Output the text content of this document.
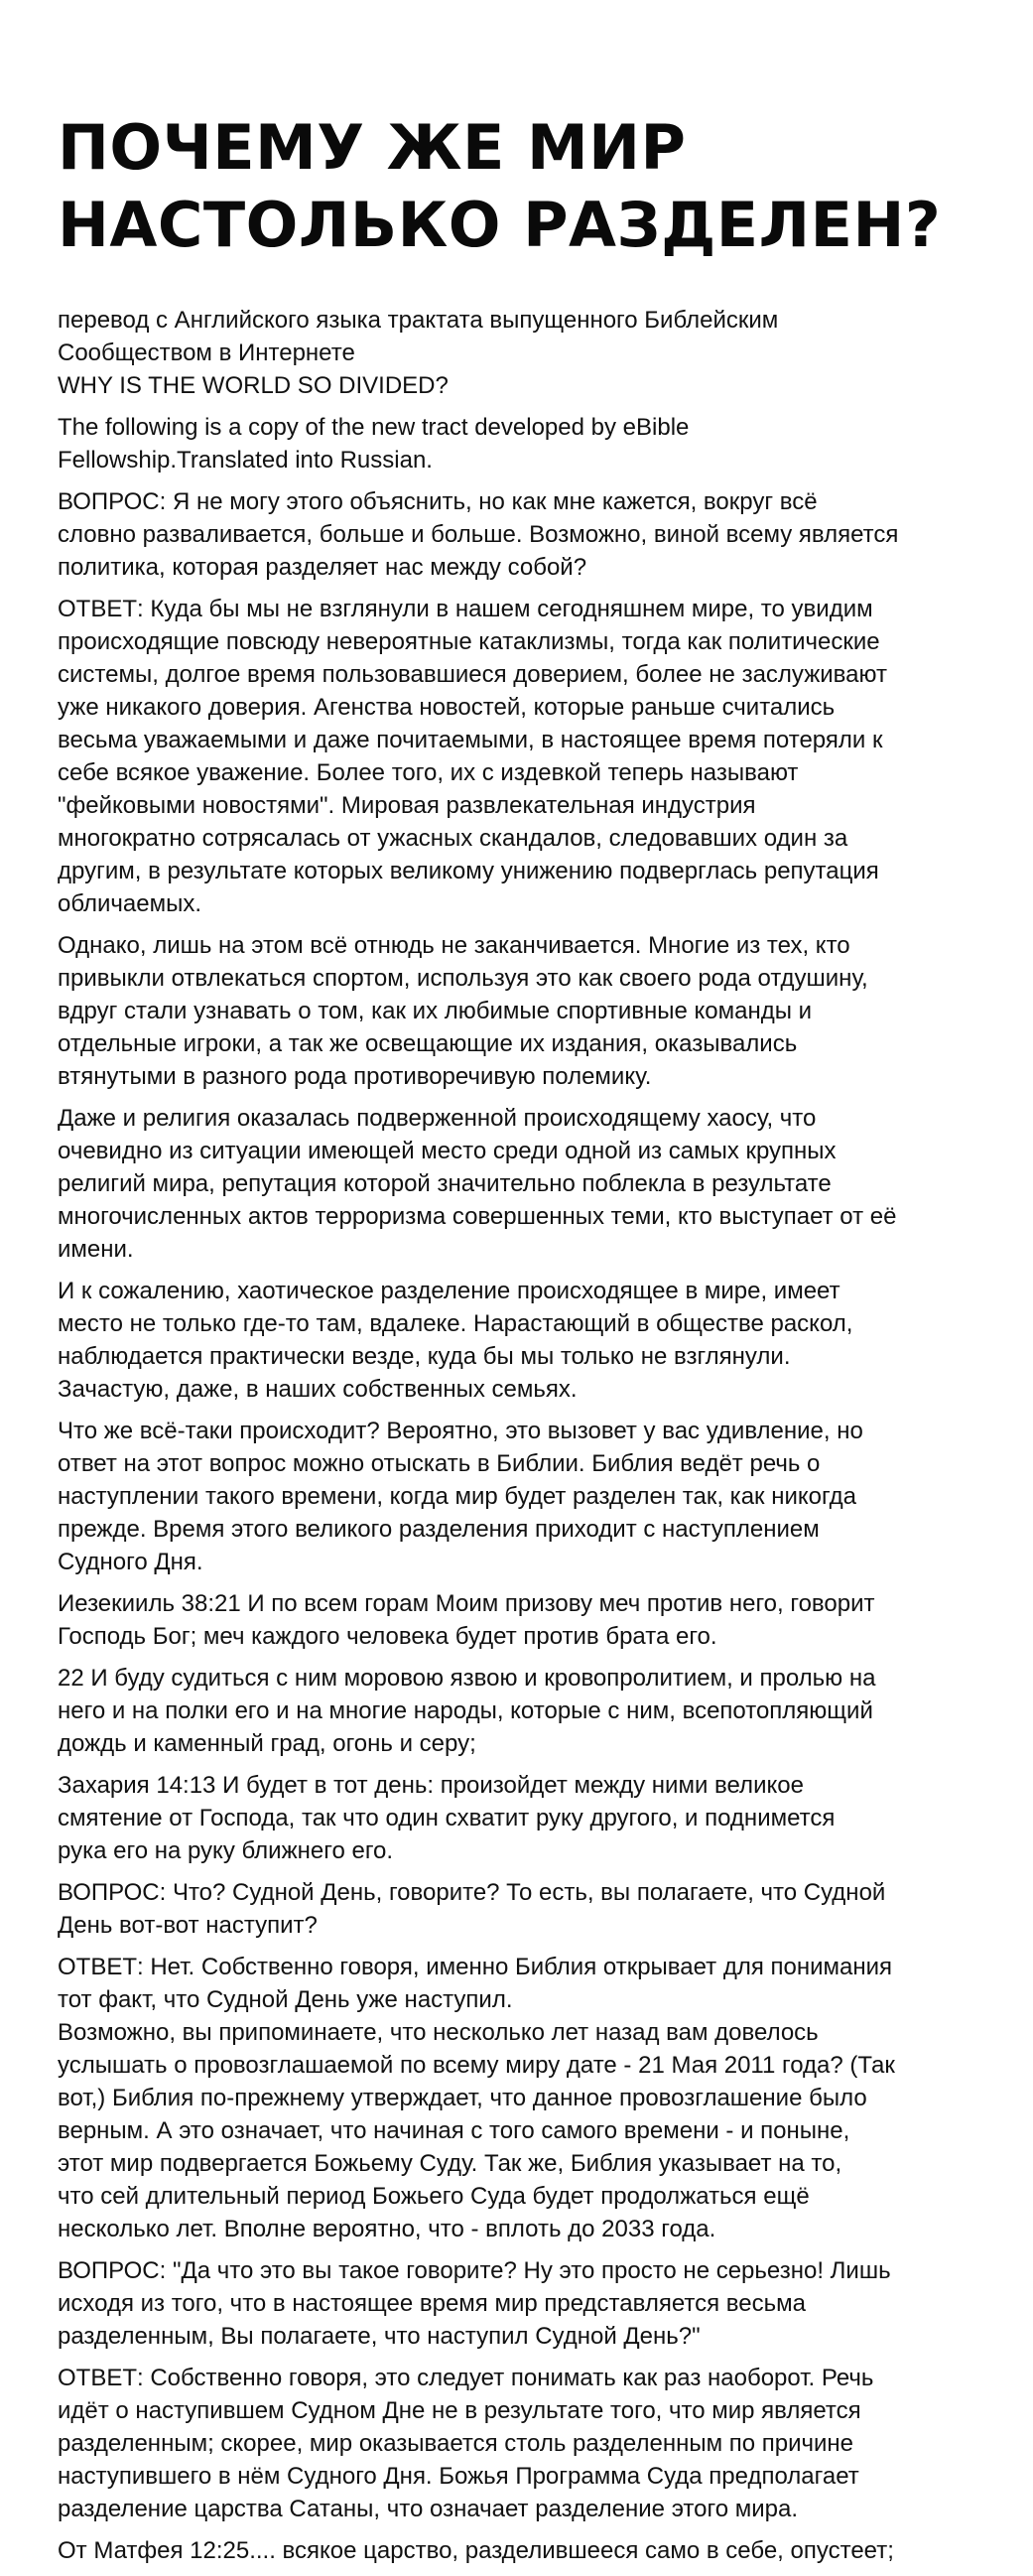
ПОЧЕМУ ЖЕ МИР
НАСТОЛЬКО РАЗДЕЛЕН?

перевод с Английского языка трактата выпущенного Библейским
Сообществом в Интернете
WHY IS THE WORLD SO DIVIDED?

The following is a copy of the new tract developed by eBible
Fellowship.Translated into Russian.

ВОПРОС: Я не могу этого объяснить, но как мне кажется, вокруг всё
словно разваливается, больше и больше. Возможно, виной всему является
политика, которая разделяет нас между собой?

ОТВЕТ: Куда бы мы не взглянули в нашем сегодняшнем мире, то увидим
происходящие повсюду невероятные катаклизмы, тогда как политические
системы, долгое время пользовавшиеся доверием, более не заслуживают
уже никакого доверия. Агенства новостей, которые раньше считались
весьма уважаемыми и даже почитаемыми, в настоящее время потеряли к
себе всякое уважение. Более того, их с издевкой теперь называют
"фейковыми новостями". Мировая развлекательная индустрия
многократно сотрясалась от ужасных скандалов, следовавших один за
другим, в результате которых великому унижению подверглась репутация
обличаемых.

Однако, лишь на этом всё отнюдь не заканчивается. Многие из тех, кто
привыкли отвлекаться спортом, используя это как своего рода отдушину,
вдруг стали узнавать о том, как их любимые спортивные команды и
отдельные игроки, а так же освещающие их издания, оказывались
втянутыми в разного рода противоречивую полемику.

Даже и религия оказалась подверженной происходящему хаосу, что
очевидно из ситуации имеющей место среди одной из самых крупных
религий мира, репутация которой значительно поблекла в результате
многочисленных актов терроризма совершенных теми, кто выступает от её
имени.

И к сожалению, хаотическое разделение происходящее в мире, имеет
место не только где-то там, вдалеке. Нарастающий в обществе раскол,
наблюдается практически везде, куда бы мы только не взглянули.
Зачастую, даже, в наших собственных семьях.

Что же всё-таки происходит? Вероятно, это вызовет у вас удивление, но
ответ на этот вопрос можно отыскать в Библии. Библия ведёт речь о
наступлении такого времени, когда мир будет разделен так, как никогда
прежде. Время этого великого разделения приходит с наступлением
Судного Дня.

Иезекииль 38:21 И по всем горам Моим призову меч против него, говорит
Господь Бог; меч каждого человека будет против брата его.

22 И буду судиться с ним моровою язвою и кровопролитием, и пролью на
него и на полки его и на многие народы, которые с ним, всепотопляющий
дождь и каменный град, огонь и серу;

Захария 14:13 И будет в тот день: произойдет между ними великое
смятение от Господа, так что один схватит руку другого, и поднимется
рука его на руку ближнего его.

ВОПРОС: Что? Судной День, говорите? То есть, вы полагаете, что Судной
День вот-вот наступит?

ОТВЕТ: Нет. Собственно говоря, именно Библия открывает для понимания
тот факт, что Судной День уже наступил.
Возможно, вы припоминаете, что несколько лет назад вам довелось
услышать о провозглашаемой по всему миру дате - 21 Мая 2011 года? (Так
вот,) Библия по-прежнему утверждает, что данное провозглашение было
верным. А это означает, что начиная с того самого времени - и поныне,
этот мир подвергается Божьему Суду. Так же, Библия указывает на то,
что сей длительный период Божьего Суда будет продолжаться ещё
несколько лет. Вполне вероятно, что - вплоть до 2033 года.

ВОПРОС: "Да что это вы такое говорите? Ну это просто не серьезно! Лишь
исходя из того, что в настоящее время мир представляется весьма
разделенным, Вы полагаете, что наступил Судной День?"

ОТВЕТ: Собственно говоря, это следует понимать как раз наоборот. Речь
идёт о наступившем Судном Дне не в результате того, что мир является
разделенным; скорее, мир оказывается столь разделенным по причине
наступившего в нём Судного Дня. Божья Программа Суда предполагает
разделение царства Сатаны, что означает разделение этого мира.

От Матфея 12:25.... всякое царство, разделившееся само в себе, опустеет;
